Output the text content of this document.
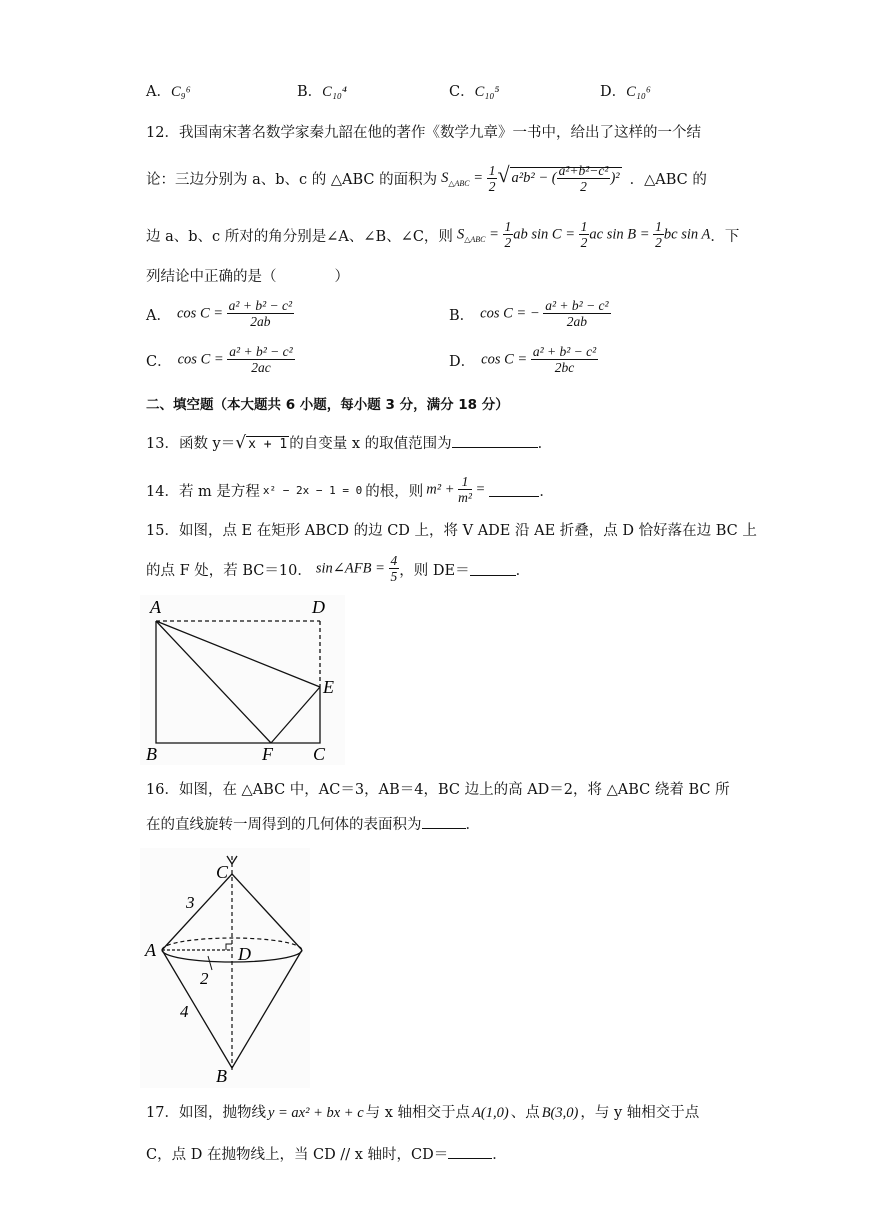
A．C₉⁶	B．C₁₀⁴	C．C₁₀⁵	D．C₁₀⁶
12．我国南宋著名数学家秦九韶在他的著作《数学九章》一书中，给出了这样的一个结
论：三边分别为 a、b、c 的 △ABC 的面积为 $S_{\triangle ABC} = \frac{1}{2}$ √ a²b² − ( $\frac{\text{a²+b²−c²}}{2} )^2$ ．△ABC 的
边 a、b、c 所对的角分别是∠A、∠B、∠C，则 $S_{\triangle ABC} = \frac{1}{2}$ ab $\sin C = \frac{1}{2}$ ac $\sin B = \frac{1}{2}$ bc sin A ．下
列结论中正确的是（　　　　）
A． $\cos C = \frac{\text{a² + b² − c²}}{2ab}$	B． cos C = − $\frac{\text{a² + b² − c²}}{2ab}$
C． $\cos C = \frac{\text{a² + b² − c²}}{2ac}$	D． $\cos C = \frac{\text{a² + b² − c²}}{2bc}$
二、填空题（本大题共 6 小题，每小题 3 分，满分 18 分）
13．函数 y＝√ x + 1 的自变量 x 的取值范围为	．
14．若 m 是方程 x² − 2x − 1 = 0 的根，则 $m^2 + \frac{1}{\text{m²}}$ =	．
15．如图，点 E 在矩形 ABCD 的边 CD 上，将 V ADE 沿 AE 折叠，点 D 恰好落在边 BC 上
的点 F 处，若 BC＝10． sin∠AFB = $\frac{4}{5}$ ，则 DE＝	．
A	D
E
B	F C
16．如图，在 △ABC 中，AC＝3，AB＝4，BC 边上的高 AD＝2，将 △ABC 绕着 BC 所
在的直线旋转一周得到的几何体的表面积为	．
C
A	D
B
3
2
4
17．如图，抛物线 y = ax² + bx + c 与 x 轴相交于点 A(1,0) 、点 B(3,0) ，与 y 轴相交于点
C，点 D 在抛物线上，当 CD // x 轴时，CD＝	．
